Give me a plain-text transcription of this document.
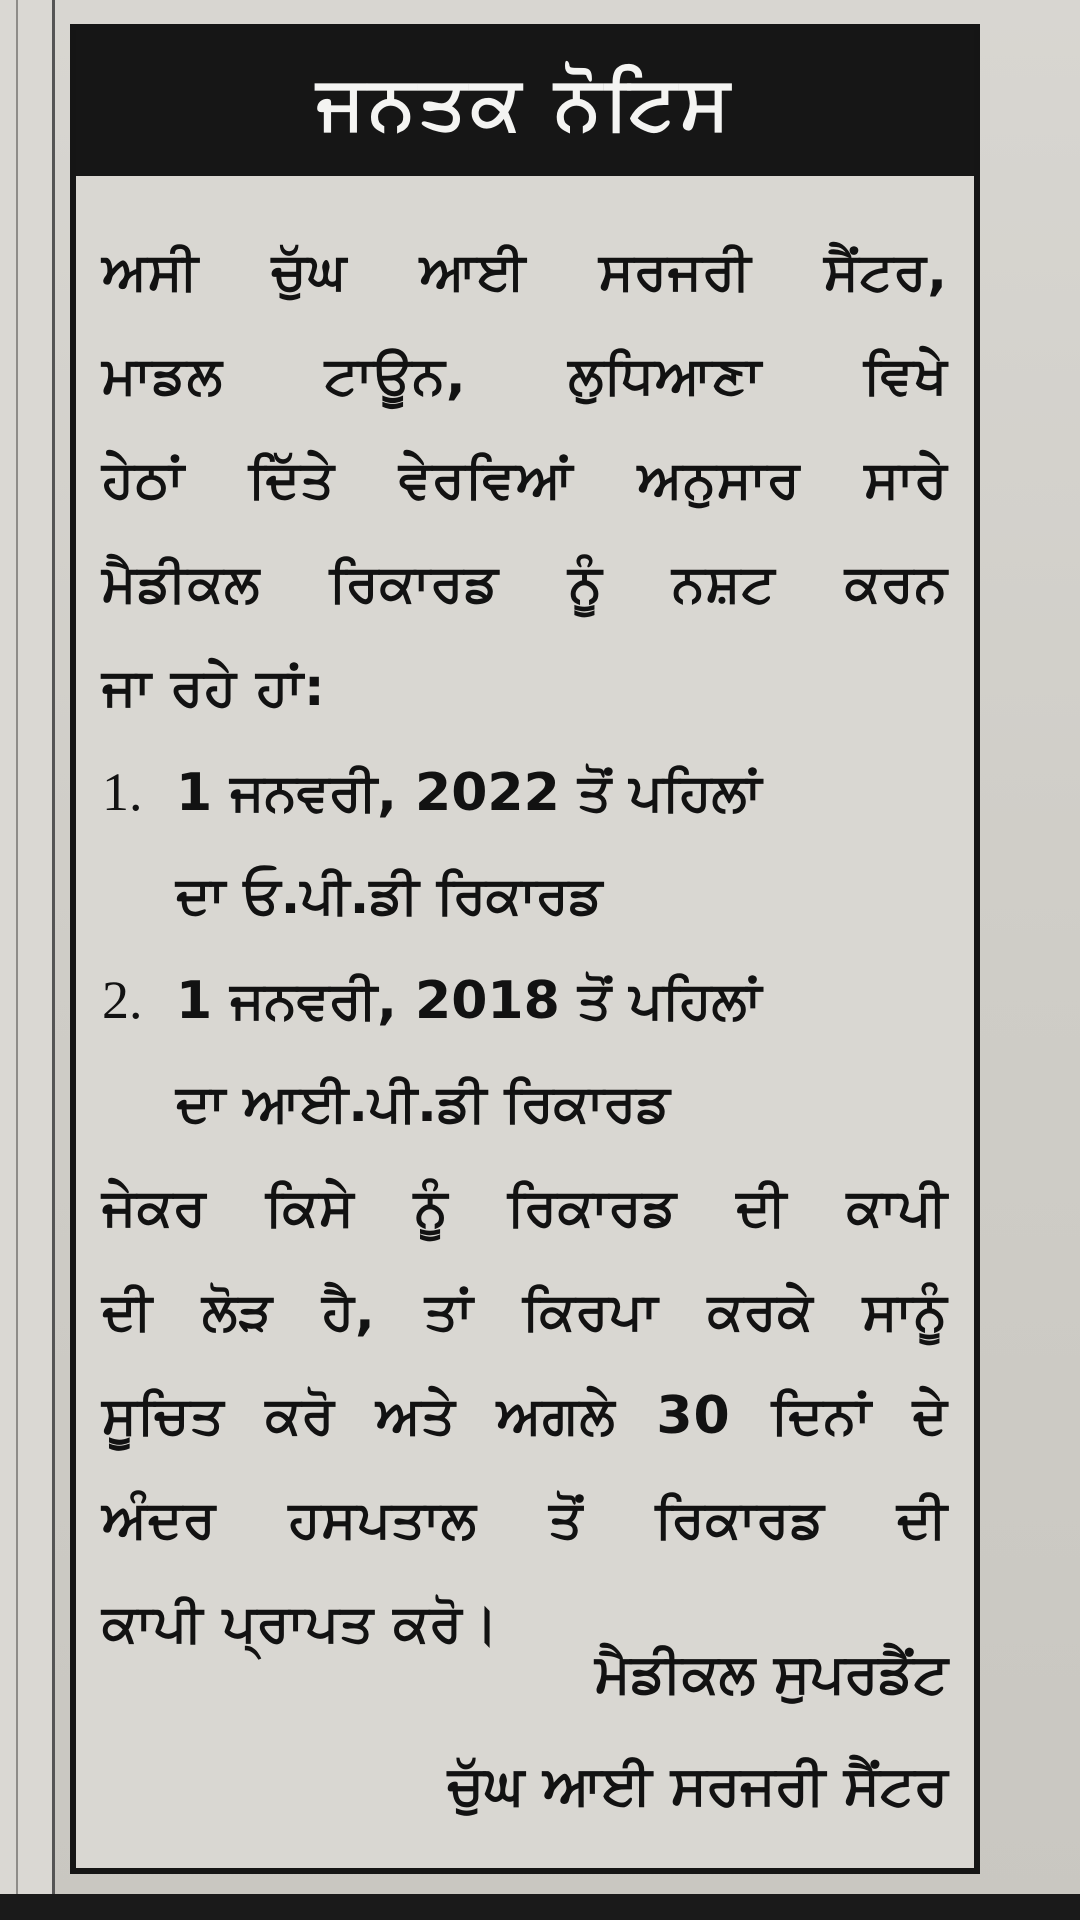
ਜਨਤਕ ਨੋਟਿਸ
ਅਸੀ ਚੁੱਘ ਆਈ ਸਰਜਰੀ ਸੈਂਟਰ,
ਮਾਡਲ ਟਾਊਨ, ਲੁਧਿਆਣਾ ਵਿਖੇ
ਹੇਠਾਂ ਦਿੱਤੇ ਵੇਰਵਿਆਂ ਅਨੁਸਾਰ ਸਾਰੇ
ਮੈਡੀਕਲ ਰਿਕਾਰਡ ਨੂੰ ਨਸ਼ਟ ਕਰਨ
ਜਾ ਰਹੇ ਹਾਂ:
1. 1 ਜਨਵਰੀ, 2022 ਤੋਂ ਪਹਿਲਾਂ
ਦਾ ਓ.ਪੀ.ਡੀ ਰਿਕਾਰਡ
2. 1 ਜਨਵਰੀ, 2018 ਤੋਂ ਪਹਿਲਾਂ
ਦਾ ਆਈ.ਪੀ.ਡੀ ਰਿਕਾਰਡ
ਜੇਕਰ ਕਿਸੇ ਨੂੰ ਰਿਕਾਰਡ ਦੀ ਕਾਪੀ
ਦੀ ਲੋੜ ਹੈ, ਤਾਂ ਕਿਰਪਾ ਕਰਕੇ ਸਾਨੂੰ
ਸੂਚਿਤ ਕਰੋ ਅਤੇ ਅਗਲੇ 30 ਦਿਨਾਂ ਦੇ
ਅੰਦਰ ਹਸਪਤਾਲ ਤੋਂ ਰਿਕਾਰਡ ਦੀ
ਕਾਪੀ ਪ੍ਰਾਪਤ ਕਰੋ।
ਮੈਡੀਕਲ ਸੁਪਰਡੈਂਟ
ਚੁੱਘ ਆਈ ਸਰਜਰੀ ਸੈਂਟਰ
